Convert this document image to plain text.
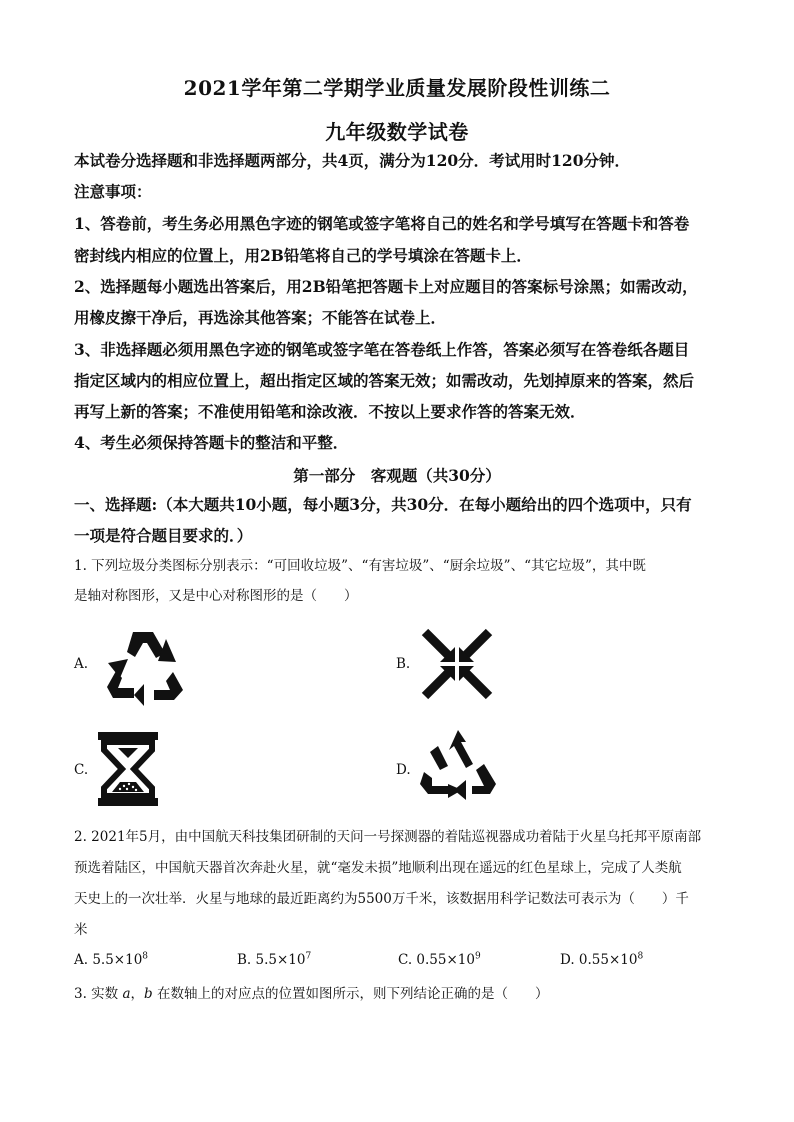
2021学年第二学期学业质量发展阶段性训练二
九年级数学试卷
本试卷分选择题和非选择题两部分，共4页，满分为120分．考试用时120分钟．
注意事项：
1、答卷前，考生务必用黑色字迹的钢笔或签字笔将自己的姓名和学号填写在答题卡和答卷
密封线内相应的位置上，用2B铅笔将自己的学号填涂在答题卡上．
2、选择题每小题选出答案后，用2B铅笔把答题卡上对应题目的答案标号涂黑；如需改动，
用橡皮擦干净后，再选涂其他答案；不能答在试卷上．
3、非选择题必须用黑色字迹的钢笔或签字笔在答卷纸上作答，答案必须写在答卷纸各题目
指定区域内的相应位置上，超出指定区域的答案无效；如需改动，先划掉原来的答案，然后
再写上新的答案；不准使用铅笔和涂改液．不按以上要求作答的答案无效．
4、考生必须保持答题卡的整洁和平整．
第一部分　客观题（共30分）
一、选择题:（本大题共10小题，每小题3分，共30分．在每小题给出的四个选项中，只有
一项是符合题目要求的．）
1. 下列垃圾分类图标分别表示：“可回收垃圾”、“有害垃圾”、“厨余垃圾”、“其它垃圾”，其中既
是轴对称图形，又是中心对称图形的是（　　）
A.	B.
C.	D.
2. 2021年5月，由中国航天科技集团研制的天问一号探测器的着陆巡视器成功着陆于火星乌托邦平原南部
预选着陆区，中国航天器首次奔赴火星，就“毫发未损”地顺利出现在遥远的红色星球上，完成了人类航
天史上的一次壮举．火星与地球的最近距离约为5500万千米，该数据用科学记数法可表示为（　　）千
米
A. $5.5\times 10^8$	B. $5.5\times 10^7$	C. $0.55\times 10^9$	D. $0.55\times 10^8$
3. 实数 a，b 在数轴上的对应点的位置如图所示，则下列结论正确的是（　　）
